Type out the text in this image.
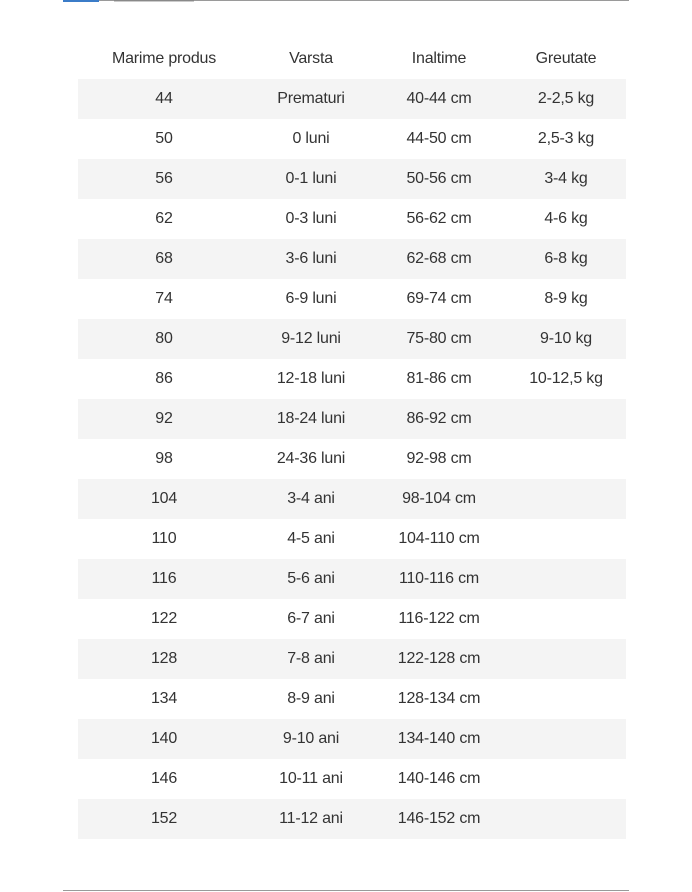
Marime produs	Varsta	Inaltime	Greutate
44	Prematuri	40-44 cm	2-2,5 kg
50	0 luni	44-50 cm	2,5-3 kg
56	0-1 luni	50-56 cm	3-4 kg
62	0-3 luni	56-62 cm	4-6 kg
68	3-6 luni	62-68 cm	6-8 kg
74	6-9 luni	69-74 cm	8-9 kg
80	9-12 luni	75-80 cm	9-10 kg
86	12-18 luni	81-86 cm	10-12,5 kg
92	18-24 luni	86-92 cm	
98	24-36 luni	92-98 cm	
104	3-4 ani	98-104 cm	
110	4-5 ani	104-110 cm	
116	5-6 ani	110-116 cm	
122	6-7 ani	116-122 cm	
128	7-8 ani	122-128 cm	
134	8-9 ani	128-134 cm	
140	9-10 ani	134-140 cm	
146	10-11 ani	140-146 cm	
152	11-12 ani	146-152 cm	
